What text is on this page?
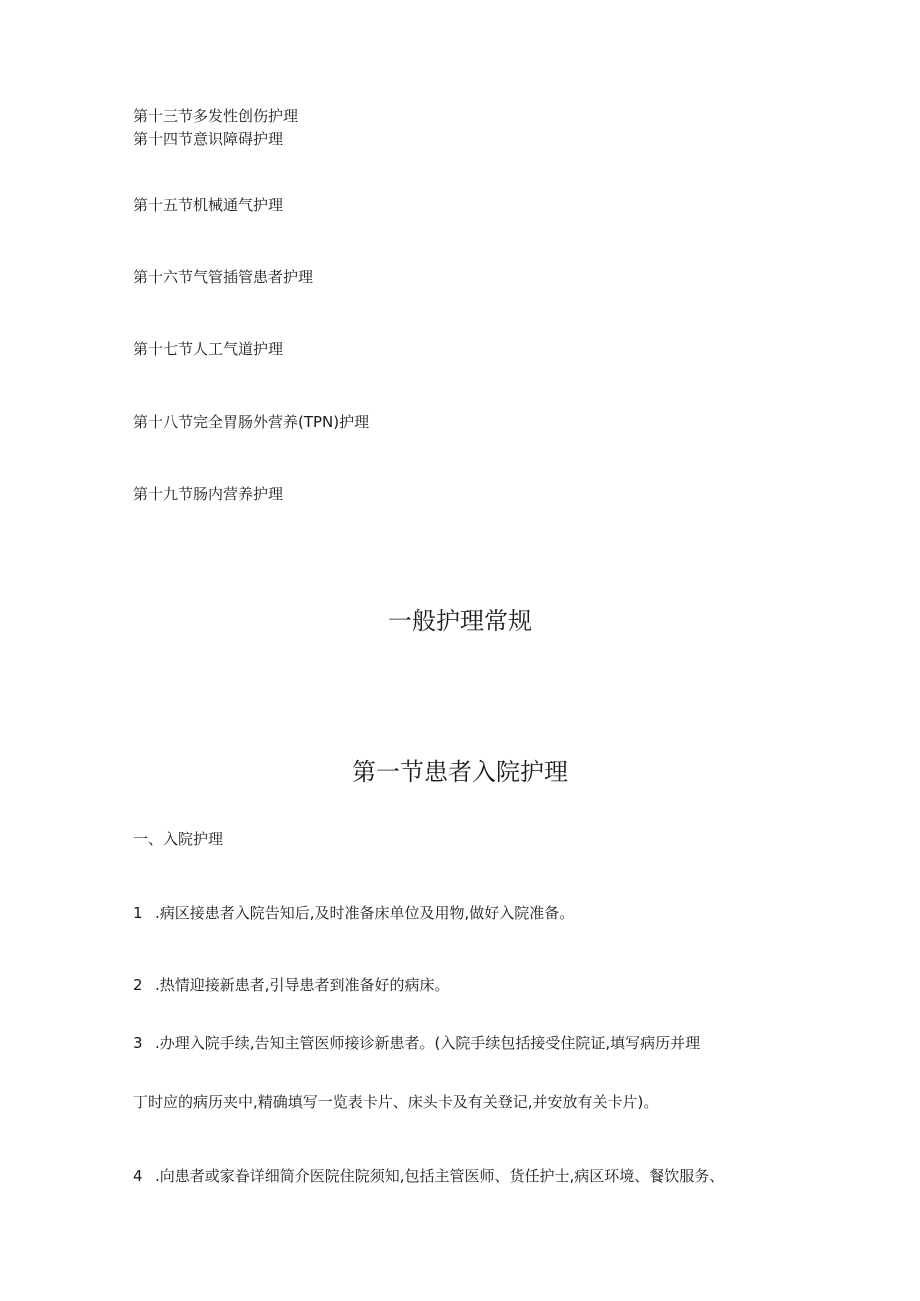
第十三节多发性创伤护理
第十四节意识障碍护理
第十五节机械通气护理
第十六节气管插管患者护理
第十七节人工气道护理
第十八节完全胃肠外营养(TPN)护理
第十九节肠内营养护理
一般护理常规
第一节患者入院护理
一、入院护理
1 .病区接患者入院告知后,及时准备床单位及用物,做好入院准备。
2 .热情迎接新患者,引导患者到准备好的病床。
3 .办理入院手续,告知主管医师接诊新患者。(入院手续包括接受住院证,填写病历并理
丁时应的病历夹中,精确填写一览表卡片、床头卡及有关登记,并安放有关卡片)。
4 .向患者或家眷详细简介医院住院须知,包括主管医师、货任护士,病区环境、餐饮服务、
